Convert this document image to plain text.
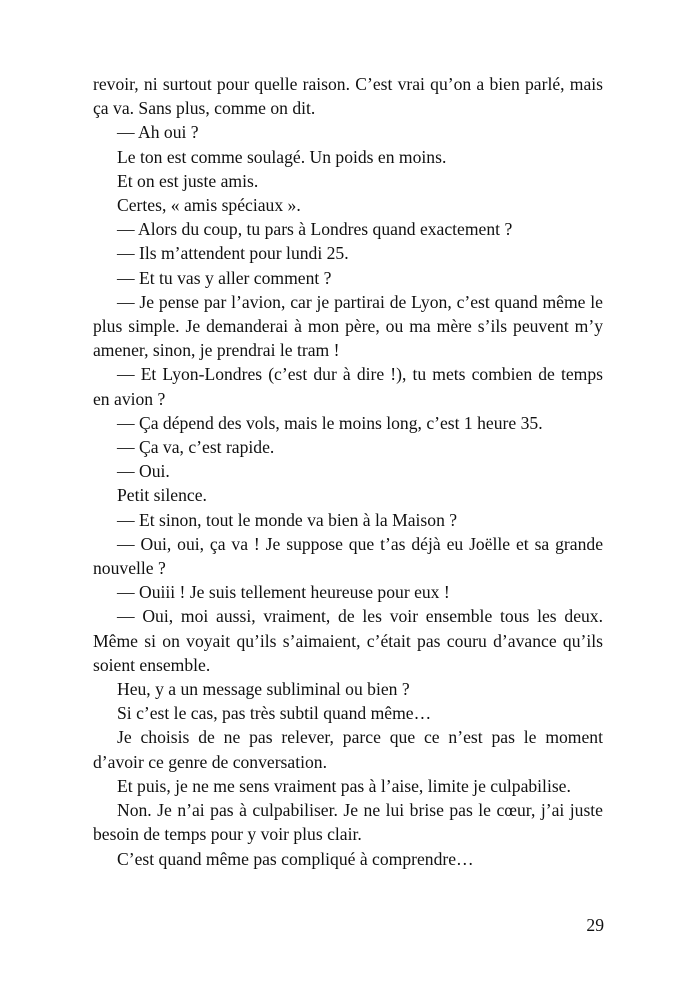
revoir, ni surtout pour quelle raison. C’est vrai qu’on a bien parlé, mais ça va. Sans plus, comme on dit.

— Ah oui ?

Le ton est comme soulagé. Un poids en moins.

Et on est juste amis.

Certes, « amis spéciaux ».

— Alors du coup, tu pars à Londres quand exactement ?

— Ils m’attendent pour lundi 25.

— Et tu vas y aller comment ?

— Je pense par l’avion, car je partirai de Lyon, c’est quand même le plus simple. Je demanderai à mon père, ou ma mère s’ils peuvent m’y amener, sinon, je prendrai le tram !

— Et Lyon-Londres (c’est dur à dire !), tu mets combien de temps en avion ?

— Ça dépend des vols, mais le moins long, c’est 1 heure 35.

— Ça va, c’est rapide.

— Oui.

Petit silence.

— Et sinon, tout le monde va bien à la Maison ?

— Oui, oui, ça va ! Je suppose que t’as déjà eu Joëlle et sa grande nouvelle ?

— Ouiii ! Je suis tellement heureuse pour eux !

— Oui, moi aussi, vraiment, de les voir ensemble tous les deux. Même si on voyait qu’ils s’aimaient, c’était pas couru d’avance qu’ils soient ensemble.

Heu, y a un message subliminal ou bien ?

Si c’est le cas, pas très subtil quand même…

Je choisis de ne pas relever, parce que ce n’est pas le moment d’avoir ce genre de conversation.

Et puis, je ne me sens vraiment pas à l’aise, limite je culpabilise.

Non. Je n’ai pas à culpabiliser. Je ne lui brise pas le cœur, j’ai juste besoin de temps pour y voir plus clair.

C’est quand même pas compliqué à comprendre…

29
